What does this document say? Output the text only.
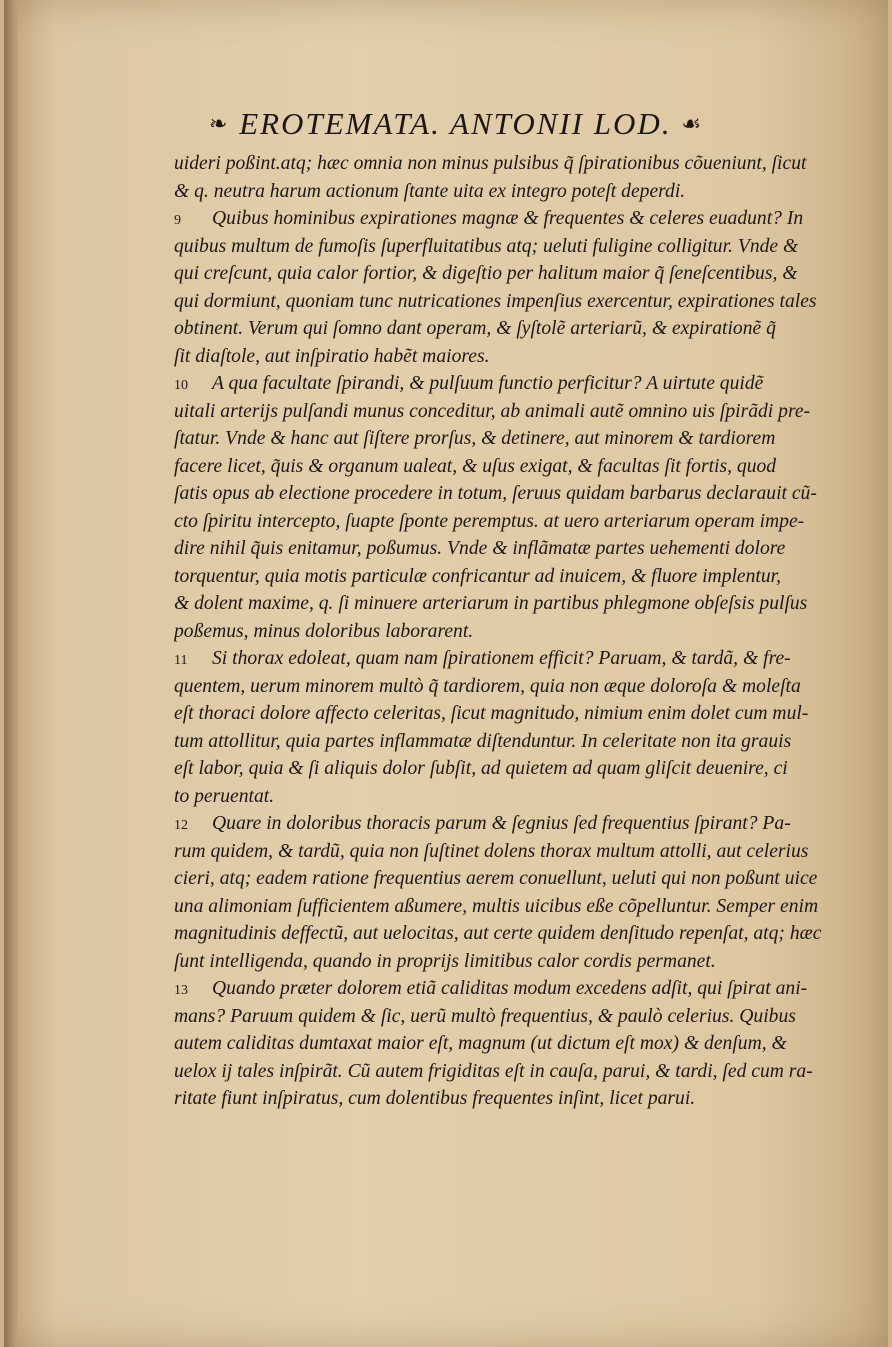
❧ EROTEMATA. ANTONII LOD. ☙
uideri poßint.atq; hæc omnia non minus pulsibus q̃ ſpirationibus cõueniunt, ſicut
& q. neutra harum actionum ſtante uita ex integro poteſt deperdi.
9 Quibus hominibus expirationes magnæ & frequentes & celeres euadunt? In
quibus multum de fumoſis ſuperfluitatibus atq; ueluti fuligine colligitur. Vnde &
qui creſcunt, quia calor fortior, & digeſtio per halitum maior q̃ ſeneſcentibus, &
qui dormiunt, quoniam tunc nutricationes impenſius exercentur, expirationes tales
obtinent. Verum qui ſomno dant operam, & ſyſtolẽ arteriarũ, & expirationẽ q̃
ſit diaſtole, aut inſpiratio habẽt maiores.
10 A qua facultate ſpirandi, & pulſuum functio perficitur? A uirtute quidẽ
uitali arterijs pulſandi munus conceditur, ab animali autẽ omnino uis ſpirãdi pre-
ſtatur. Vnde & hanc aut ſiſtere prorſus, & detinere, aut minorem & tardiorem
facere licet, q̃uis & organum ualeat, & uſus exigat, & facultas ſit fortis, quod
ſatis opus ab electione procedere in totum, ſeruus quidam barbarus declarauit cũ-
cto ſpiritu intercepto, ſuapte ſponte peremptus. at uero arteriarum operam impe-
dire nihil q̃uis enitamur, poßumus. Vnde & inflãmatæ partes uehementi dolore
torquentur, quia motis particulæ confricantur ad inuicem, & fluore implentur,
& dolent maxime, q. ſi minuere arteriarum in partibus phlegmone obſeſsis pulſus
poßemus, minus doloribus laborarent.
11 Si thorax edoleat, quam nam ſpirationem efficit? Paruam, & tardã, & fre-
quentem, uerum minorem multò q̃ tardiorem, quia non æque doloroſa & moleſta
eſt thoraci dolore affecto celeritas, ſicut magnitudo, nimium enim dolet cum mul-
tum attollitur, quia partes inflammatæ diſtenduntur. In celeritate non ita grauis
eſt labor, quia & ſi aliquis dolor ſubſit, ad quietem ad quam gliſcit deuenire, ci
to peruentat.
12 Quare in doloribus thoracis parum & ſegnius ſed frequentius ſpirant? Pa-
rum quidem, & tardũ, quia non ſuſtinet dolens thorax multum attolli, aut celerius
cieri, atq; eadem ratione frequentius aerem conuellunt, ueluti qui non poßunt uice
una alimoniam ſufficientem aßumere, multis uicibus eße cõpelluntur. Semper enim
magnitudinis deffectũ, aut uelocitas, aut certe quidem denſitudo repenſat, atq; hæc
ſunt intelligenda, quando in proprijs limitibus calor cordis permanet.
13 Quando præter dolorem etiã caliditas modum excedens adſit, qui ſpirat ani-
mans? Paruum quidem & ſic, uerũ multò frequentius, & paulò celerius. Quibus
autem caliditas dumtaxat maior eſt, magnum (ut dictum eſt mox) & denſum, &
uelox ij tales inſpirãt. Cũ autem frigiditas eſt in cauſa, parui, & tardi, ſed cum ra-
ritate fiunt inſpiratus, cum dolentibus frequentes inſint, licet parui.
